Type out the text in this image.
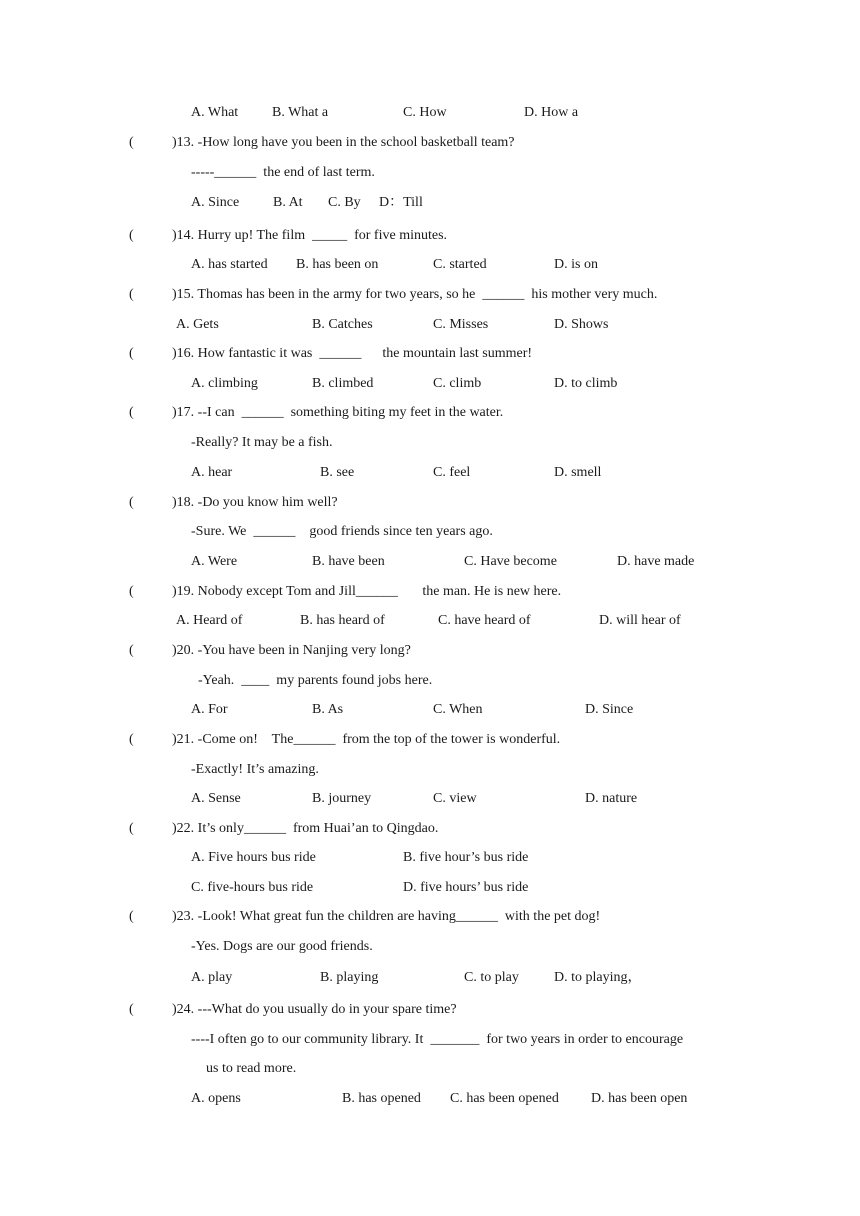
A. What B. What a	C. How	D. How a
(	)13. -How long have you been in the school basketball team?
-----______  the end of last term.
A. Since B. At C. By D：Till
(	)14. Hurry up! The film  _____  for five minutes.
A. has started B. has been on	C. started	D. is on
(	)15. Thomas has been in the army for two years, so he  ______  his mother very much.
A. Gets	B. Catches	C. Misses	D. Shows
(	)16. How fantastic it was  ______      the mountain last summer!
A. climbing	B. climbed	C. climb	D. to climb
(	)17. --I can  ______  something biting my feet in the water.
-Really? It may be a fish.
A. hear	B. see	C. feel	D. smell
(	)18. -Do you know him well?
-Sure. We  ______    good friends since ten years ago.
A. Were	B. have been	C. Have become	D. have made
(	)19. Nobody except Tom and Jill______       the man. He is new here.
A. Heard of	B. has heard of	C. have heard of	D. will hear of
(	)20. -You have been in Nanjing very long?
-Yeah.  ____  my parents found jobs here.
A. For	B. As	C. When	D. Since
(	)21. -Come on!    The______  from the top of the tower is wonderful.
-Exactly! It’s amazing.
A. Sense	B. journey	C. view	D. nature
(	)22. It’s only______  from Huai’an to Qingdao.
A. Five hours bus ride	B. five hour’s bus ride
C. five-hours bus ride	D. five hours’ bus ride
(	)23. -Look! What great fun the children are having______  with the pet dog!
-Yes. Dogs are our good friends.
A. play	B. playing	C. to play	D. to playing，
(	)24. ---What do you usually do in your spare time?
----I often go to our community library. It  _______  for two years in order to encourage
us to read more.
A. opens	B. has opened C. has been opened D. has been open
